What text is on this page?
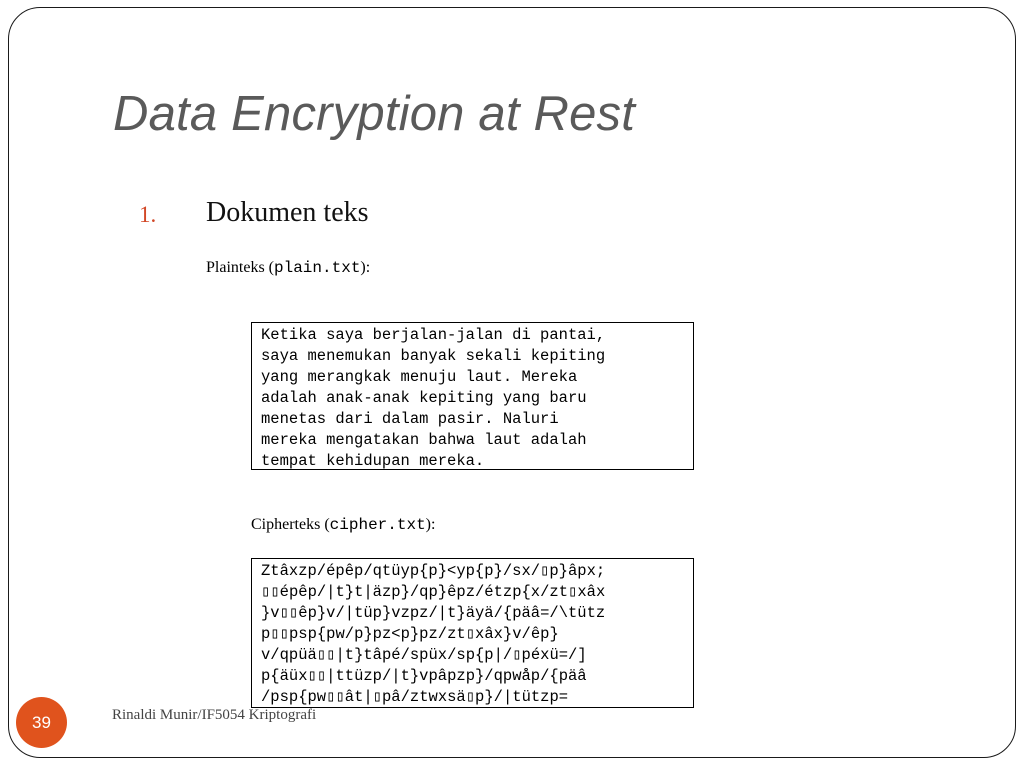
Data Encryption at Rest
1. Dokumen teks
Plainteks (plain.txt):
Ketika saya berjalan-jalan di pantai,
saya menemukan banyak sekali kepiting
yang merangkak menuju laut. Mereka
adalah anak-anak kepiting yang baru
menetas dari dalam pasir. Naluri
mereka mengatakan bahwa laut adalah
tempat kehidupan mereka.
Cipherteks (cipher.txt):
Ztâxzp/épêp/qtüyp{p}<yp{p}/sx/▯p}âpx;
▯▯épêp/|t}t|äzp}/qp}êpz/étzp{x/zt▯xâx
}v▯▯êp}v/|tüp}vzpz/|t}äyä/{päâ=/\tütz
p▯▯psp{pw/p}pz<p}pz/zt▯xâx}v/êp}
v/qpüä▯▯|t}tâpé/spüx/sp{p|/▯péxü=/]
p{äüx▯▯|ttüzp/|t}vpâpzp}/qpwåp/{päâ
/psp{pw▯▯ât|▯pâ/ztwxsä▯p}/|tützp=
39	Rinaldi Munir/IF5054 Kriptografi
